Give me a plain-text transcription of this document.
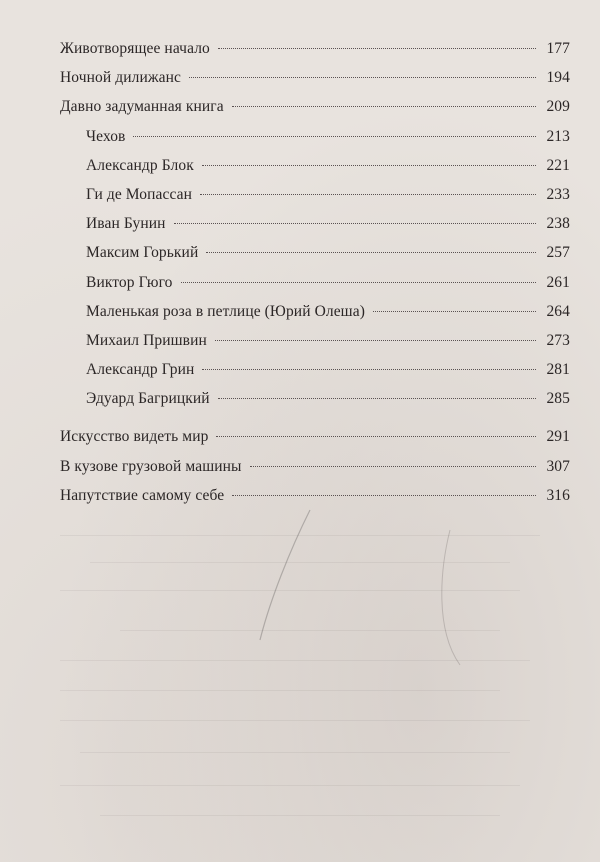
Животворящее начало	177
Ночной дилижанс	194
Давно задуманная книга	209
Чехов	213
Александр Блок	221
Ги де Мопассан	233
Иван Бунин	238
Максим Горький	257
Виктор Гюго	261
Маленькая роза в петлице (Юрий Олеша)	264
Михаил Пришвин	273
Александр Грин	281
Эдуард Багрицкий	285
Искусство видеть мир	291
В кузове грузовой машины	307
Напутствие самому себе	316
